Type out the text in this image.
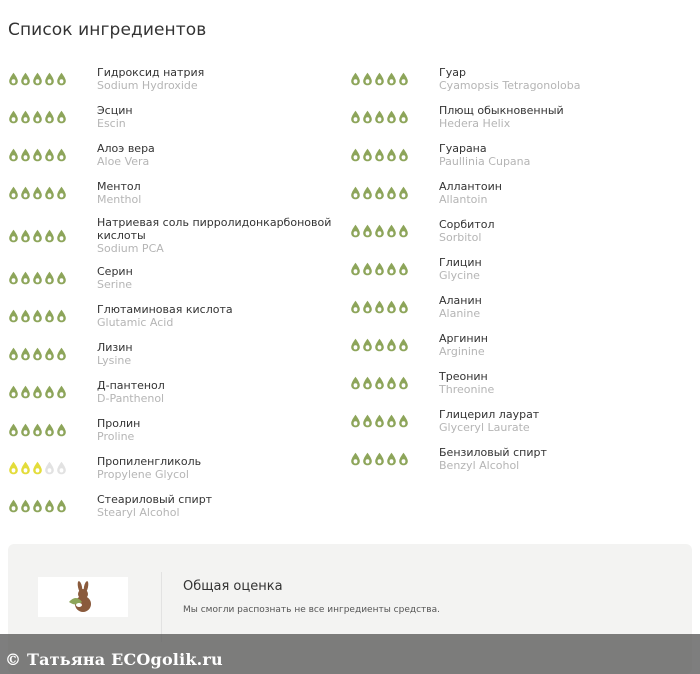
Список ингредиентов
Гидроксид натрия
Sodium Hydroxide
Эсцин
Escin
Алоэ вера
Aloe Vera
Ментол
Menthol
Натриевая соль пирролидонкарбоновой кислоты
Sodium PCA
Серин
Serine
Глютаминовая кислота
Glutamic Acid
Лизин
Lysine
Д-пантенол
D-Panthenol
Пролин
Proline
Пропиленгликоль
Propylene Glycol
Стеариловый спирт
Stearyl Alcohol
Гуар
Cyamopsis Tetragonoloba
Плющ обыкновенный
Hedera Helix
Гуарана
Paullinia Cupana
Аллантоин
Allantoin
Сорбитол
Sorbitol
Глицин
Glycine
Аланин
Alanine
Аргинин
Arginine
Треонин
Threonine
Глицерил лаурат
Glyceryl Laurate
Бензиловый спирт
Benzyl Alcohol
Общая оценка
Мы смогли распознать не все ингредиенты средства.
© Татьяна ECOgolik.ru
